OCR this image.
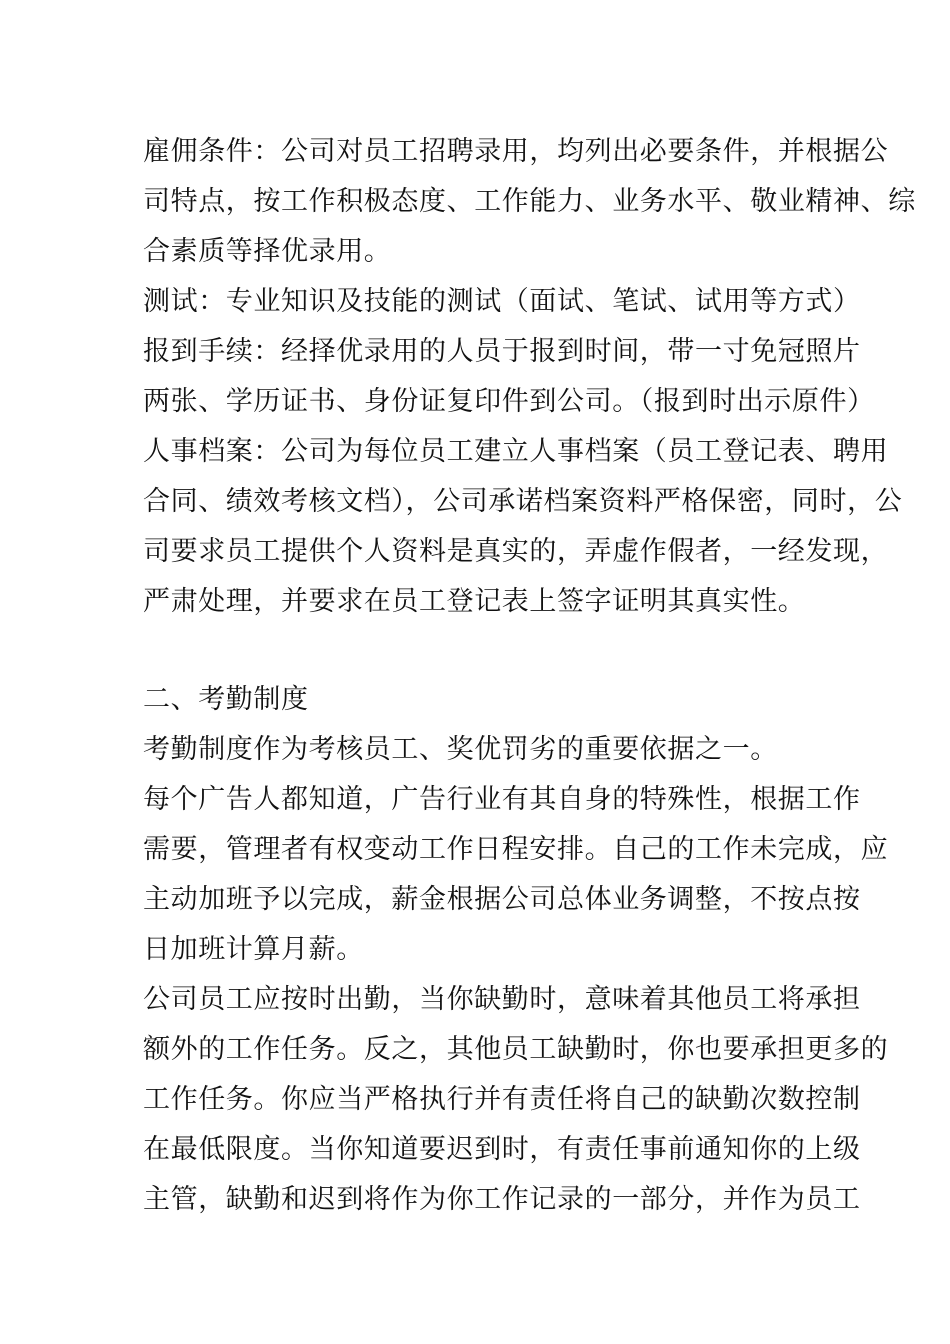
雇佣条件：公司对员工招聘录用，均列出必要条件，并根据公
司特点，按工作积极态度、工作能力、业务水平、敬业精神、综
合素质等择优录用。
测试：专业知识及技能的测试（面试、笔试、试用等方式）
报到手续：经择优录用的人员于报到时间，带一寸免冠照片
两张、学历证书、身份证复印件到公司。（报到时出示原件）
人事档案：公司为每位员工建立人事档案（员工登记表、聘用
合同、绩效考核文档），公司承诺档案资料严格保密，同时，公
司要求员工提供个人资料是真实的，弄虚作假者，一经发现，
严肃处理，并要求在员工登记表上签字证明其真实性。
二、考勤制度
考勤制度作为考核员工、奖优罚劣的重要依据之一。
每个广告人都知道，广告行业有其自身的特殊性，根据工作
需要，管理者有权变动工作日程安排。自己的工作未完成，应
主动加班予以完成，薪金根据公司总体业务调整，不按点按
日加班计算月薪。
公司员工应按时出勤，当你缺勤时，意味着其他员工将承担
额外的工作任务。反之，其他员工缺勤时，你也要承担更多的
工作任务。你应当严格执行并有责任将自己的缺勤次数控制
在最低限度。当你知道要迟到时，有责任事前通知你的上级
主管，缺勤和迟到将作为你工作记录的一部分，并作为员工
